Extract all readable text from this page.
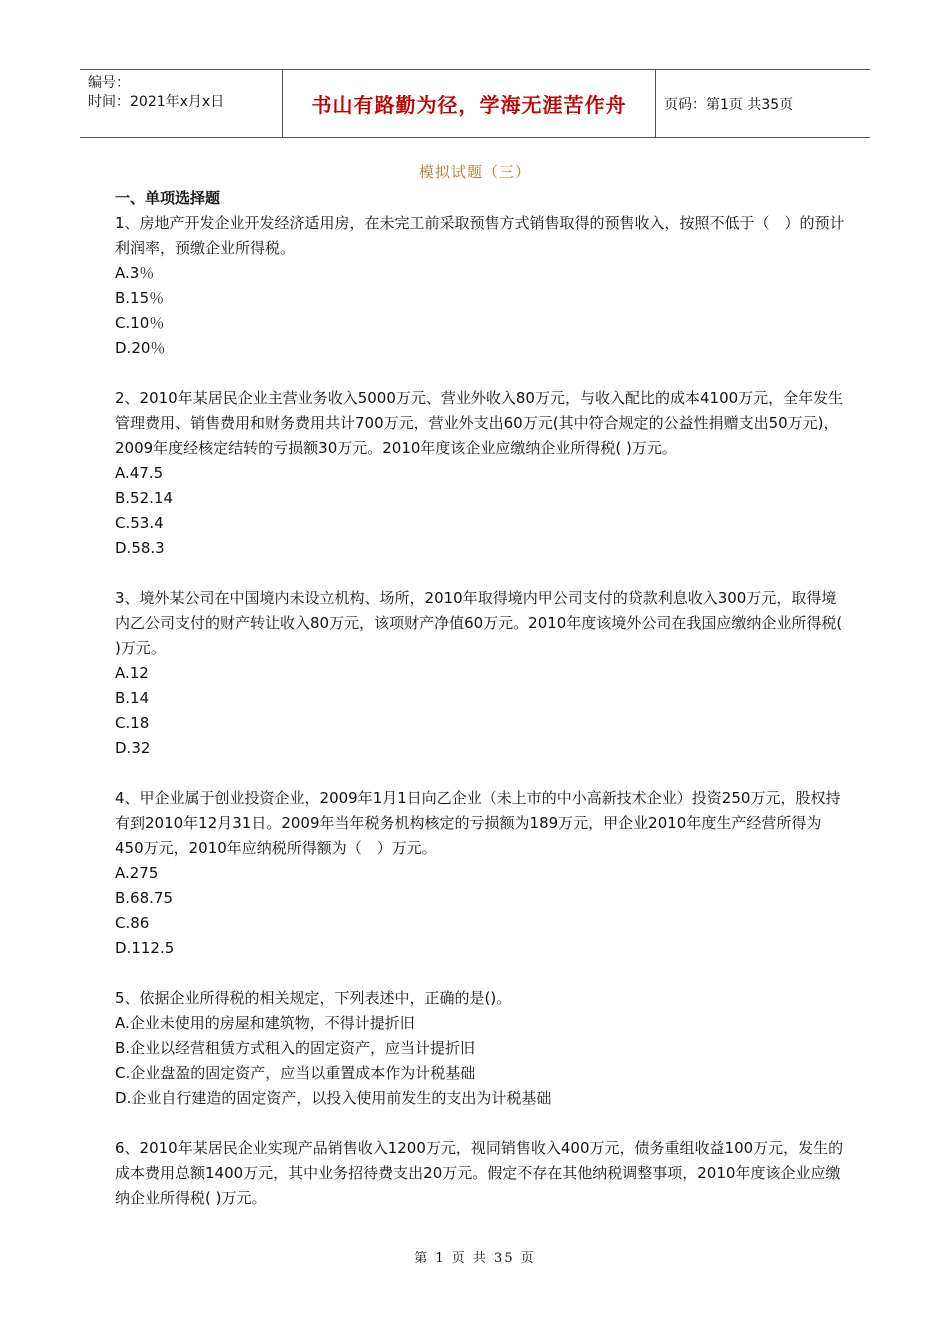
编号：
时间：2021年x月x日	书山有路勤为径，学海无涯苦作舟	页码：第1页 共35页
模拟试题（三）
一、单项选择题

1、房地产开发企业开发经济适用房，在未完工前采取预售方式销售取得的预售收入，按照不低于（　）的预计利润率，预缴企业所得税。

A.3％

B.15％

C.10％

D.20％

2、2010年某居民企业主营业务收入5000万元、营业外收入80万元，与收入配比的成本4100万元，全年发生管理费用、销售费用和财务费用共计700万元，营业外支出60万元(其中符合规定的公益性捐赠支出50万元)，2009年度经核定结转的亏损额30万元。2010年度该企业应缴纳企业所得税( )万元。

A.47.5

B.52.14

C.53.4

D.58.3

3、境外某公司在中国境内未设立机构、场所，2010年取得境内甲公司支付的贷款利息收入300万元，取得境内乙公司支付的财产转让收入80万元，该项财产净值60万元。2010年度该境外公司在我国应缴纳企业所得税( )万元。

A.12

B.14

C.18

D.32

4、甲企业属于创业投资企业，2009年1月1日向乙企业（未上市的中小高新技术企业）投资250万元，股权持有到2010年12月31日。2009年当年税务机构核定的亏损额为189万元，甲企业2010年度生产经营所得为450万元，2010年应纳税所得额为（　）万元。

A.275

B.68.75

C.86

D.112.5

5、依据企业所得税的相关规定，下列表述中，正确的是()。

A.企业未使用的房屋和建筑物，不得计提折旧

B.企业以经营租赁方式租入的固定资产，应当计提折旧

C.企业盘盈的固定资产，应当以重置成本作为计税基础

D.企业自行建造的固定资产，以投入使用前发生的支出为计税基础

6、2010年某居民企业实现产品销售收入1200万元，视同销售收入400万元，债务重组收益100万元，发生的成本费用总额1400万元，其中业务招待费支出20万元。假定不存在其他纳税调整事项，2010年度该企业应缴纳企业所得税( )万元。

第 1 页 共 35 页
